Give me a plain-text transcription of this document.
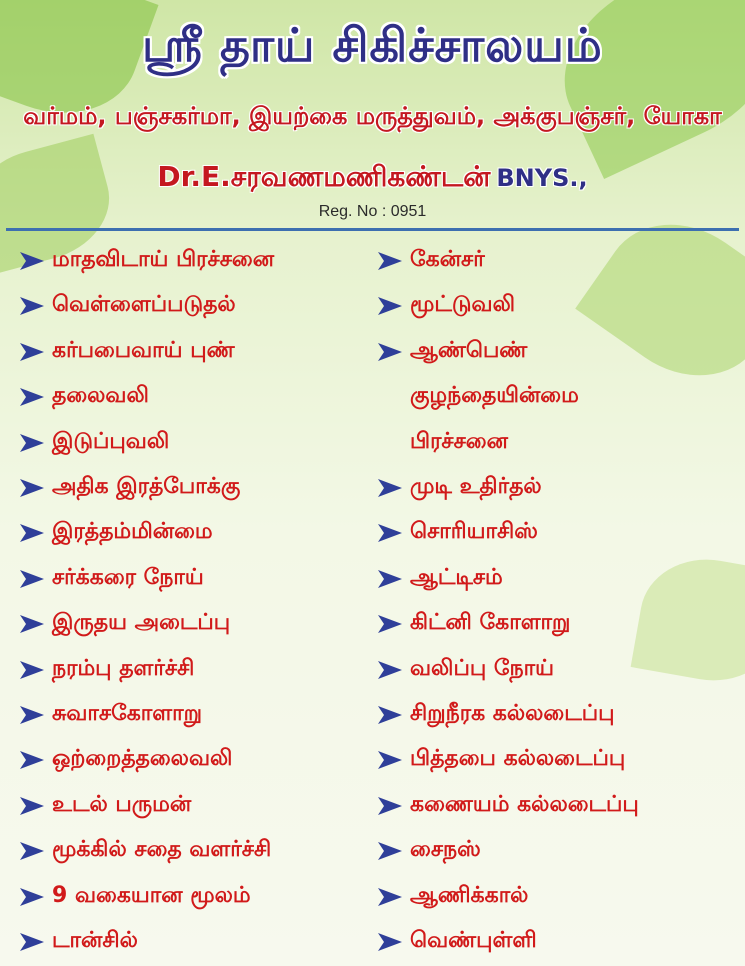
ஸ்ரீ தாய் சிகிச்சாலயம்
வர்மம், பஞ்சகர்மா, இயற்கை மருத்துவம், அக்குபஞ்சர், யோகா
Dr.E.சரவணமணிகண்டன் BNYS.,
Reg. No : 0951
மாதவிடாய் பிரச்சனை
வெள்ளைப்படுதல்
கர்பபைவாய் புண்
தலைவலி
இடுப்புவலி
அதிக இரத்போக்கு
இரத்தம்மின்மை
சர்க்கரை நோய்
இருதய அடைப்பு
நரம்பு தளர்ச்சி
சுவாசகோளாறு
ஒற்றைத்தலைவலி
உடல் பருமன்
மூக்கில் சதை வளர்ச்சி
9 வகையான மூலம்
டான்சில்
கேன்சர்
மூட்டுவலி
ஆண்பெண்
குழந்தையின்மை
பிரச்சனை
முடி உதிர்தல்
சொரியாசிஸ்
ஆட்டிசம்
கிட்னி கோளாறு
வலிப்பு நோய்
சிறுநீரக கல்லடைப்பு
பித்தபை கல்லடைப்பு
கணையம் கல்லடைப்பு
சைநஸ்
ஆணிக்கால்
வெண்புள்ளி
